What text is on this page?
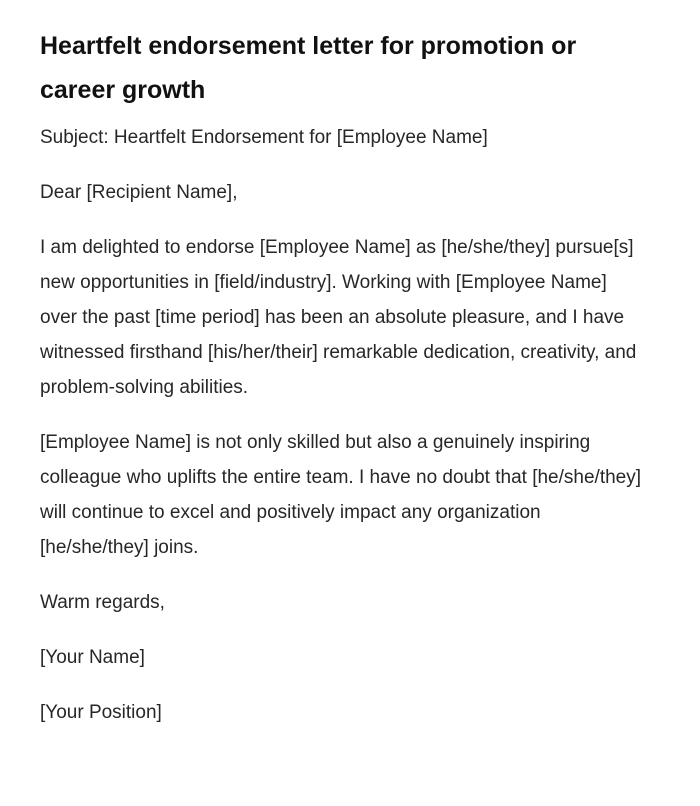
Heartfelt endorsement letter for promotion or career growth

Subject: Heartfelt Endorsement for [Employee Name]

Dear [Recipient Name],

I am delighted to endorse [Employee Name] as [he/she/they] pursue[s] new opportunities in [field/industry]. Working with [Employee Name] over the past [time period] has been an absolute pleasure, and I have witnessed firsthand [his/her/their] remarkable dedication, creativity, and problem-solving abilities.

[Employee Name] is not only skilled but also a genuinely inspiring colleague who uplifts the entire team. I have no doubt that [he/she/they] will continue to excel and positively impact any organization [he/she/they] joins.

Warm regards,

[Your Name]

[Your Position]
